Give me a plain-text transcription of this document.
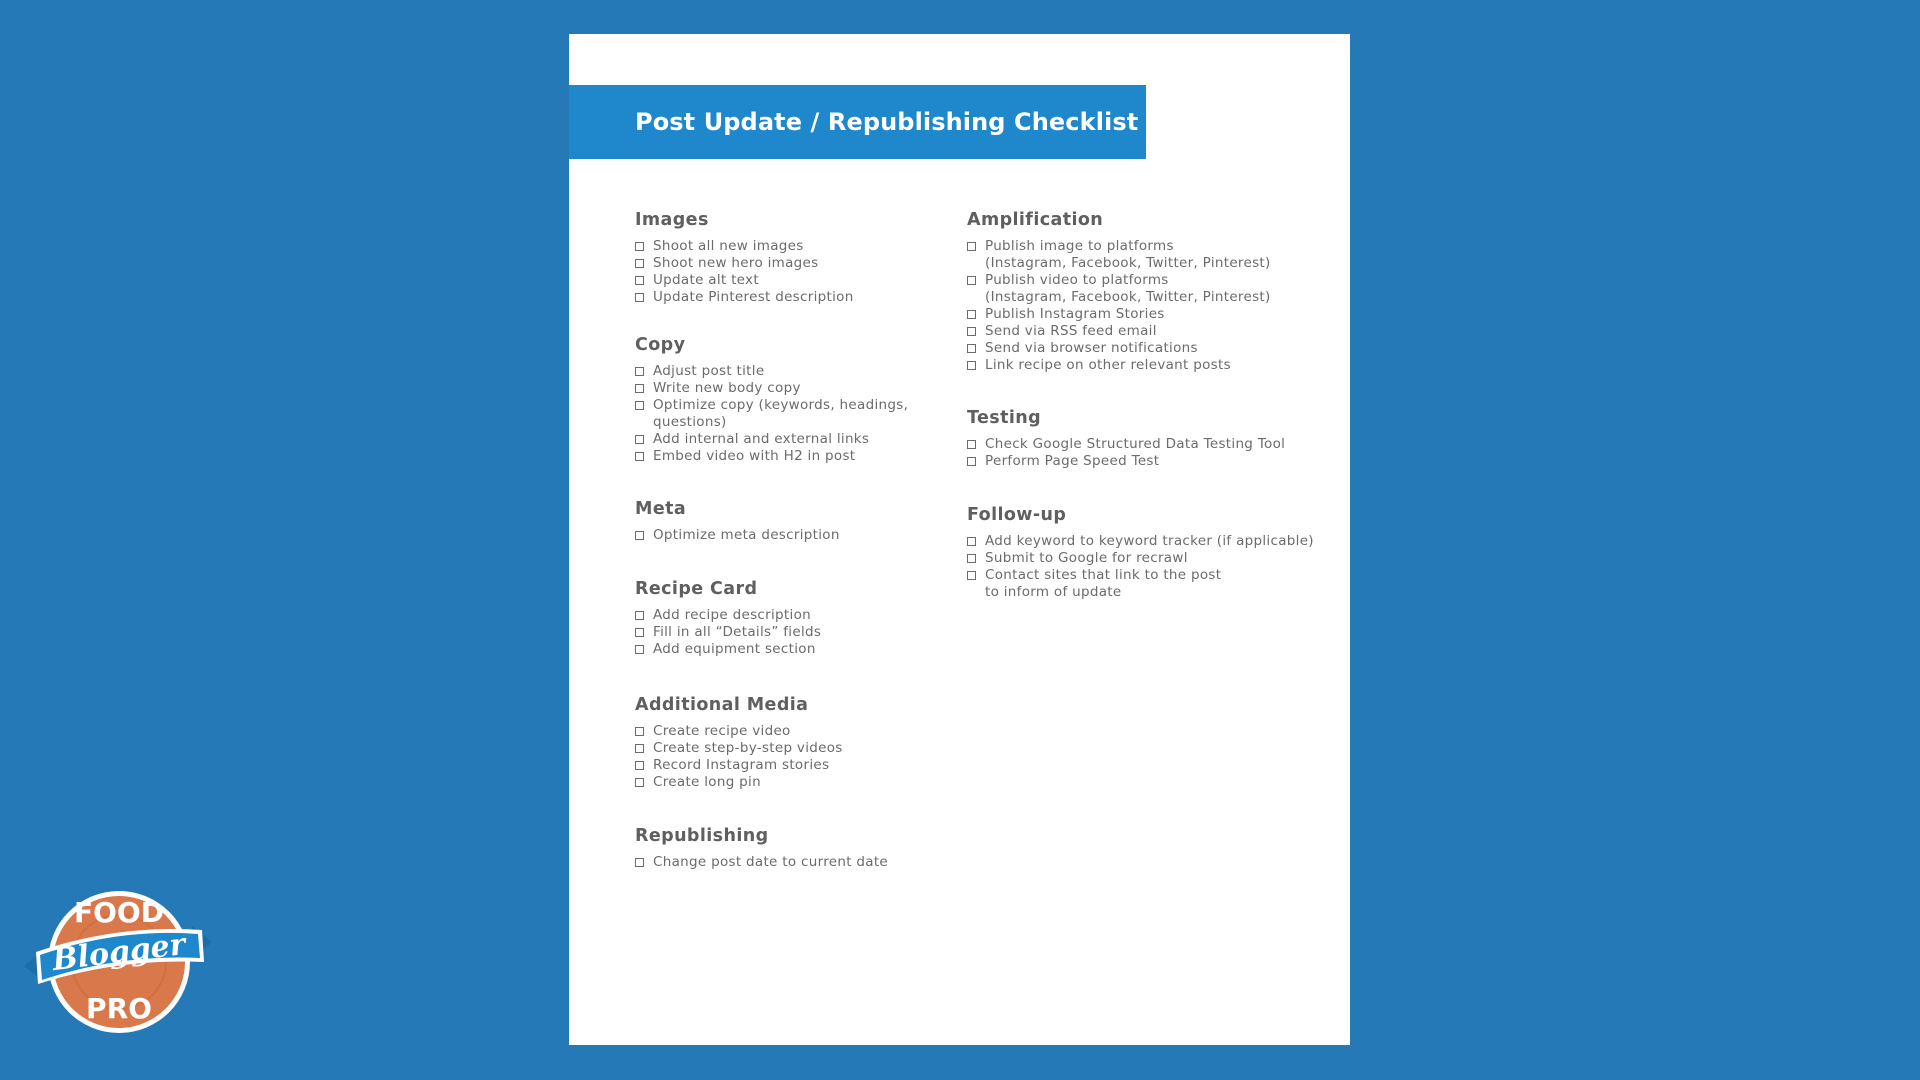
Post Update / Republishing Checklist
Images
Shoot all new images
Shoot new hero images
Update alt text
Update Pinterest description
Copy
Adjust post title
Write new body copy
Optimize copy (keywords, headings,
questions)
Add internal and external links
Embed video with H2 in post
Meta
Optimize meta description
Recipe Card
Add recipe description
Fill in all “Details” fields
Add equipment section
Additional Media
Create recipe video
Create step-by-step videos
Record Instagram stories
Create long pin
Republishing
Change post date to current date
Amplification
Publish image to platforms
(Instagram, Facebook, Twitter, Pinterest)
Publish video to platforms
(Instagram, Facebook, Twitter, Pinterest)
Publish Instagram Stories
Send via RSS feed email
Send via browser notifications
Link recipe on other relevant posts
Testing
Check Google Structured Data Testing Tool
Perform Page Speed Test
Follow-up
Add keyword to keyword tracker (if applicable)
Submit to Google for recrawl
Contact sites that link to the post
to inform of update
FOOD
Blogger
PRO
